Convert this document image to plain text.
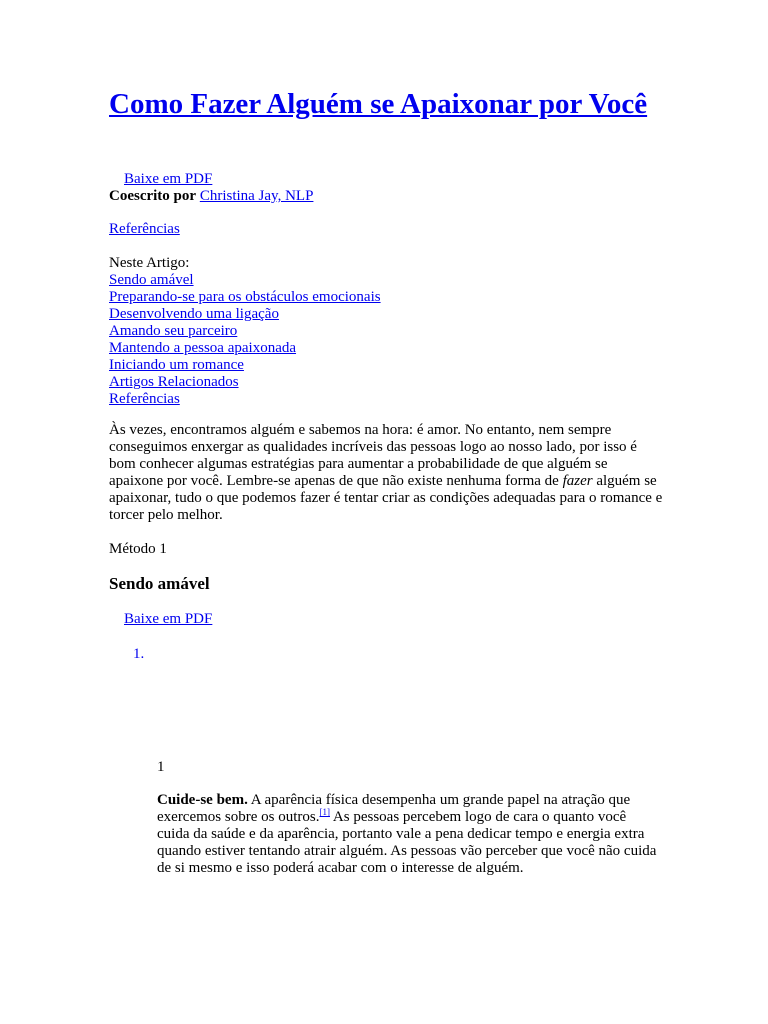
Como Fazer Alguém se Apaixonar por Você
Baixe em PDF
Coescrito por Christina Jay, NLP
Referências
Neste Artigo:
Sendo amável
Preparando-se para os obstáculos emocionais
Desenvolvendo uma ligação
Amando seu parceiro
Mantendo a pessoa apaixonada
Iniciando um romance
Artigos Relacionados
Referências

Às vezes, encontramos alguém e sabemos na hora: é amor. No entanto, nem sempre conseguimos enxergar as qualidades incríveis das pessoas logo ao nosso lado, por isso é bom conhecer algumas estratégias para aumentar a probabilidade de que alguém se apaixone por você. Lembre-se apenas de que não existe nenhuma forma de fazer alguém se apaixonar, tudo o que podemos fazer é tentar criar as condições adequadas para o romance e torcer pelo melhor.

Método 1
Sendo amável
Baixe em PDF
1.
1

Cuide-se bem. A aparência física desempenha um grande papel na atração que exercemos sobre os outros.[1] As pessoas percebem logo de cara o quanto você cuida da saúde e da aparência, portanto vale a pena dedicar tempo e energia extra quando estiver tentando atrair alguém. As pessoas vão perceber que você não cuida de si mesmo e isso poderá acabar com o interesse de alguém.
